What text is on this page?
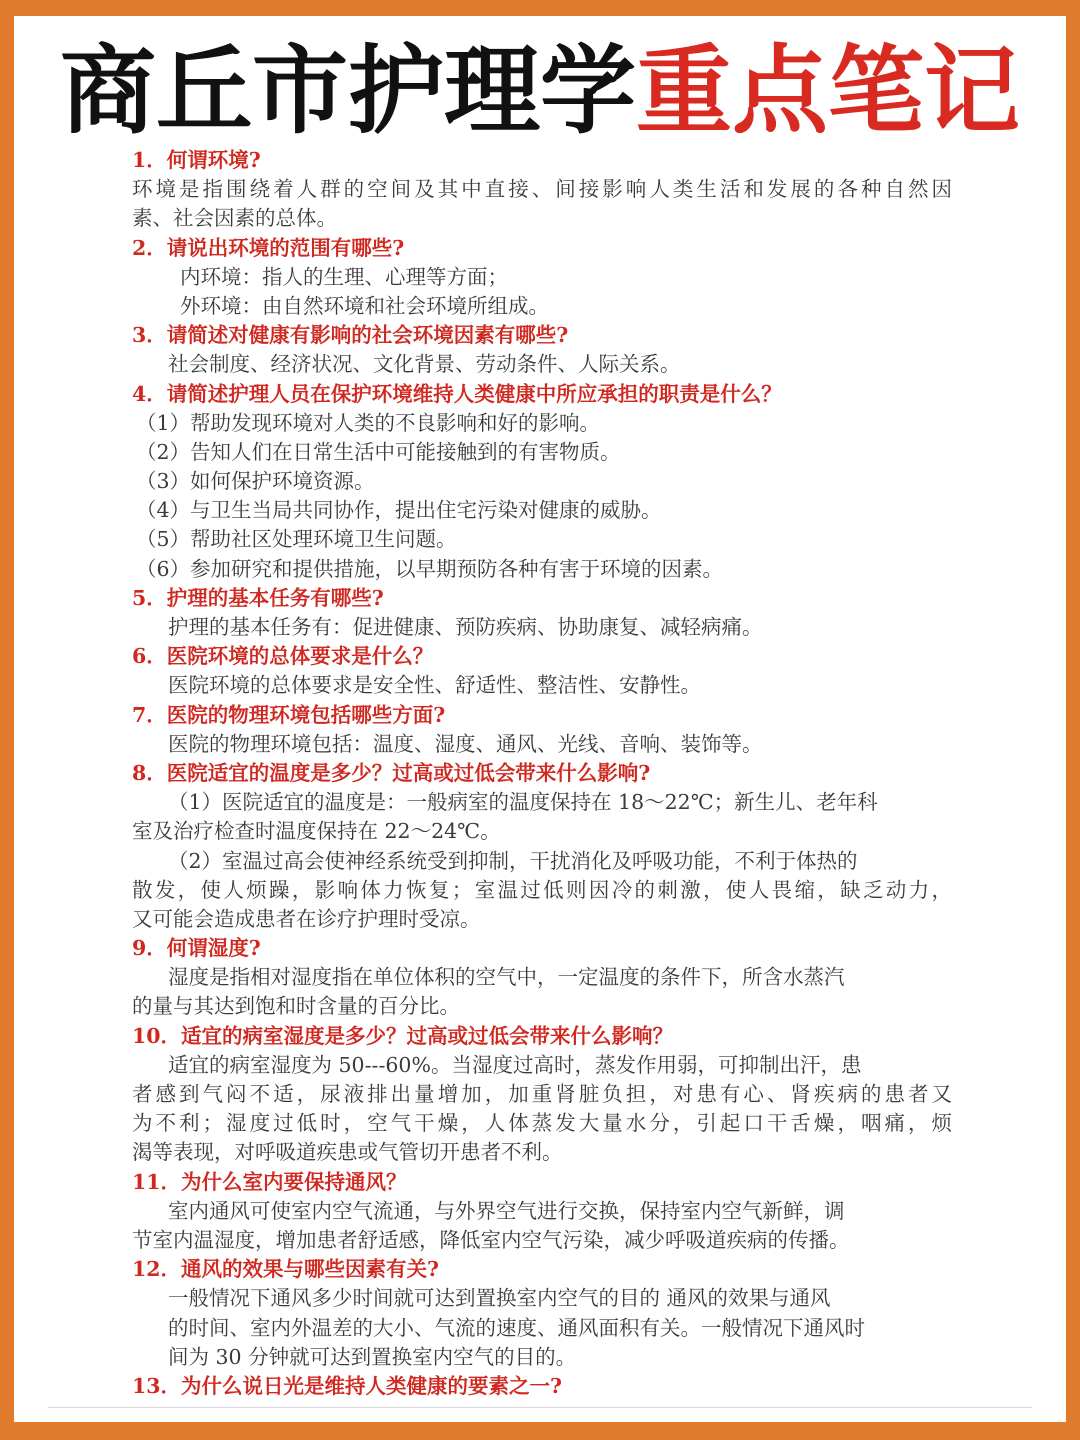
商丘市护理学重点笔记
1．何谓环境?
环境是指围绕着人群的空间及其中直接、间接影响人类生活和发展的各种自然因
素、社会因素的总体。
2．请说出环境的范围有哪些?
内环境：指人的生理、心理等方面；
外环境：由自然环境和社会环境所组成。
3．请简述对健康有影响的社会环境因素有哪些?
社会制度、经济状况、文化背景、劳动条件、人际关系。
4．请简述护理人员在保护环境维持人类健康中所应承担的职责是什么？
（1）帮助发现环境对人类的不良影响和好的影响。
（2）告知人们在日常生活中可能接触到的有害物质。
（3）如何保护环境资源。
（4）与卫生当局共同协作，提出住宅污染对健康的威胁。
（5）帮助社区处理环境卫生问题。
（6）参加研究和提供措施，以早期预防各种有害于环境的因素。
5．护理的基本任务有哪些?
护理的基本任务有：促进健康、预防疾病、协助康复、减轻病痛。
6．医院环境的总体要求是什么？
医院环境的总体要求是安全性、舒适性、整洁性、安静性。
7．医院的物理环境包括哪些方面?
医院的物理环境包括：温度、湿度、通风、光线、音响、装饰等。
8．医院适宜的温度是多少？过高或过低会带来什么影响?
（1）医院适宜的温度是：一般病室的温度保持在 18～22℃；新生儿、老年科
室及治疗检查时温度保持在 22～24℃。
（2）室温过高会使神经系统受到抑制，干扰消化及呼吸功能，不利于体热的
散发，使人烦躁，影响体力恢复；室温过低则因冷的刺激，使人畏缩，缺乏动力，
又可能会造成患者在诊疗护理时受凉。
9．何谓湿度?
湿度是指相对湿度指在单位体积的空气中，一定温度的条件下，所含水蒸汽
的量与其达到饱和时含量的百分比。
10．适宜的病室湿度是多少？过高或过低会带来什么影响？
适宜的病室湿度为 50---60%。当湿度过高时，蒸发作用弱，可抑制出汗，患
者感到气闷不适，尿液排出量增加，加重肾脏负担，对患有心、肾疾病的患者又
为不利；湿度过低时，空气干燥，人体蒸发大量水分，引起口干舌燥，咽痛，烦
渴等表现，对呼吸道疾患或气管切开患者不利。
11．为什么室内要保持通风？
室内通风可使室内空气流通，与外界空气进行交换，保持室内空气新鲜，调
节室内温湿度，增加患者舒适感，降低室内空气污染，减少呼吸道疾病的传播。
12．通风的效果与哪些因素有关?
一般情况下通风多少时间就可达到置换室内空气的目的 通风的效果与通风
的时间、室内外温差的大小、气流的速度、通风面积有关。一般情况下通风时
间为 30 分钟就可达到置换室内空气的目的。
13．为什么说日光是维持人类健康的要素之一?
